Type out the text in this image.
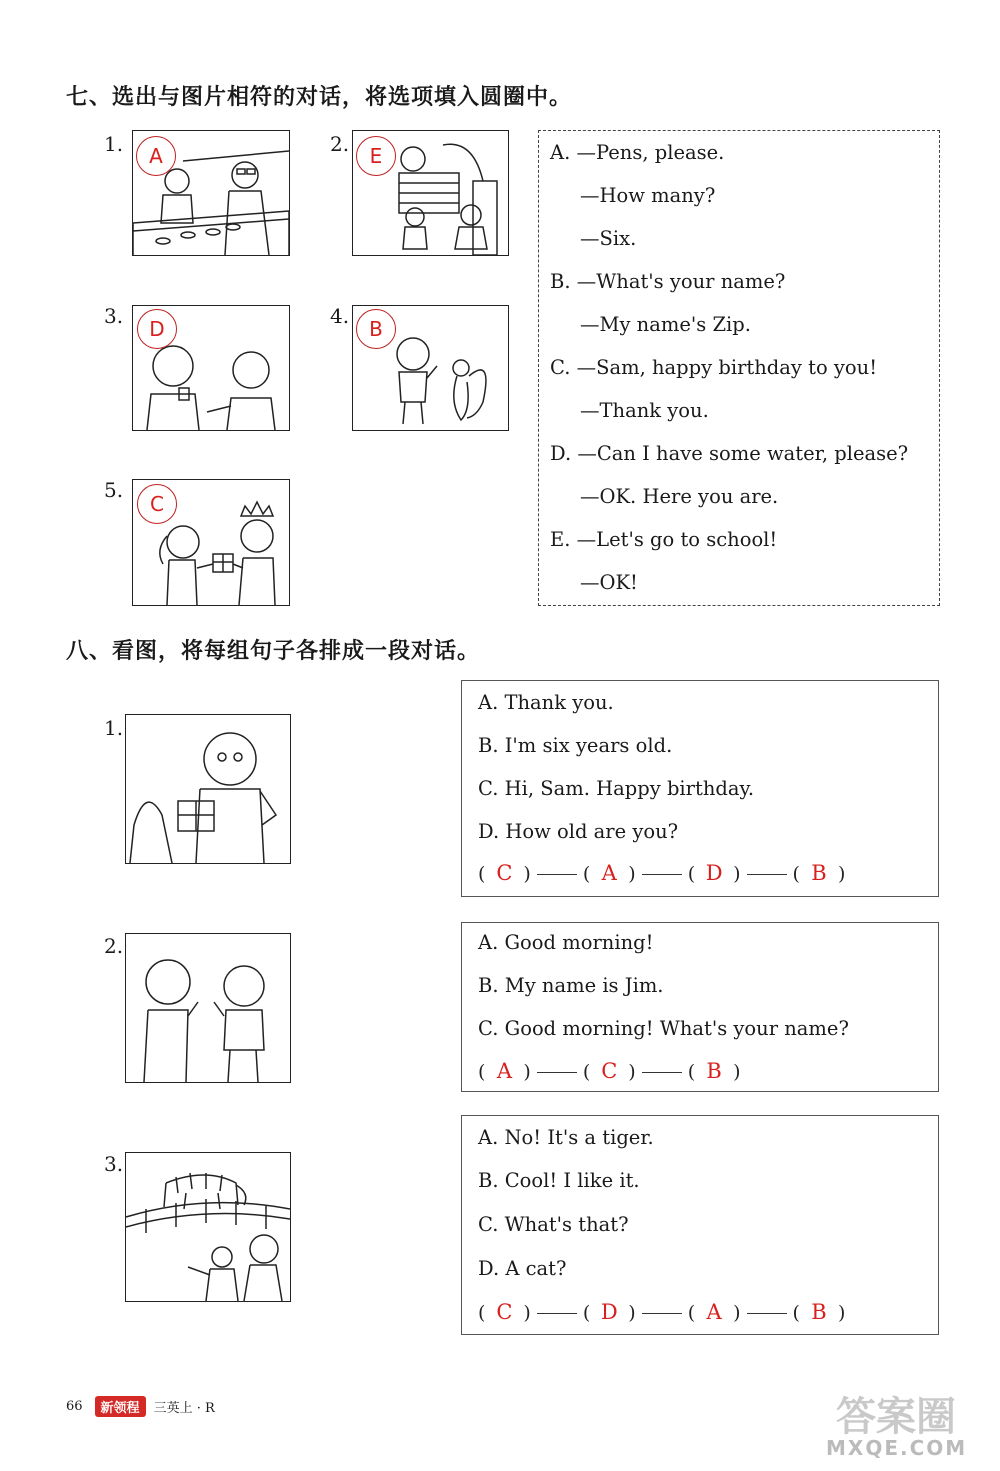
七、选出与图片相符的对话，将选项填入圆圈中。
1.	A	2.	E
3.
D
4.
B
5.
C
A. —Pens, please.
—How many?
—Six.
B. —What's your name?
—My name's Zip.
C. —Sam, happy birthday to you!
—Thank you.
D. —Can I have some water, please?
—OK. Here you are.
E. —Let's go to school!
—OK!
八、看图，将每组句子各排成一段对话。
1.
A. Thank you.
B. I'm six years old.
C. Hi, Sam. Happy birthday.
D. How old are you?
( C )	( A )	( D )	( B )
2.	A. Good morning!
B. My name is Jim.
C. Good morning! What's your name?
( A )	( C )	( B )
3.
A. No! It's a tiger.
B. Cool! I like it.
C. What's that?
D. A cat?
( C )	( D )	( A )	( B )
66	新领程	三英上 · R	答案圈
MXQE.COM
